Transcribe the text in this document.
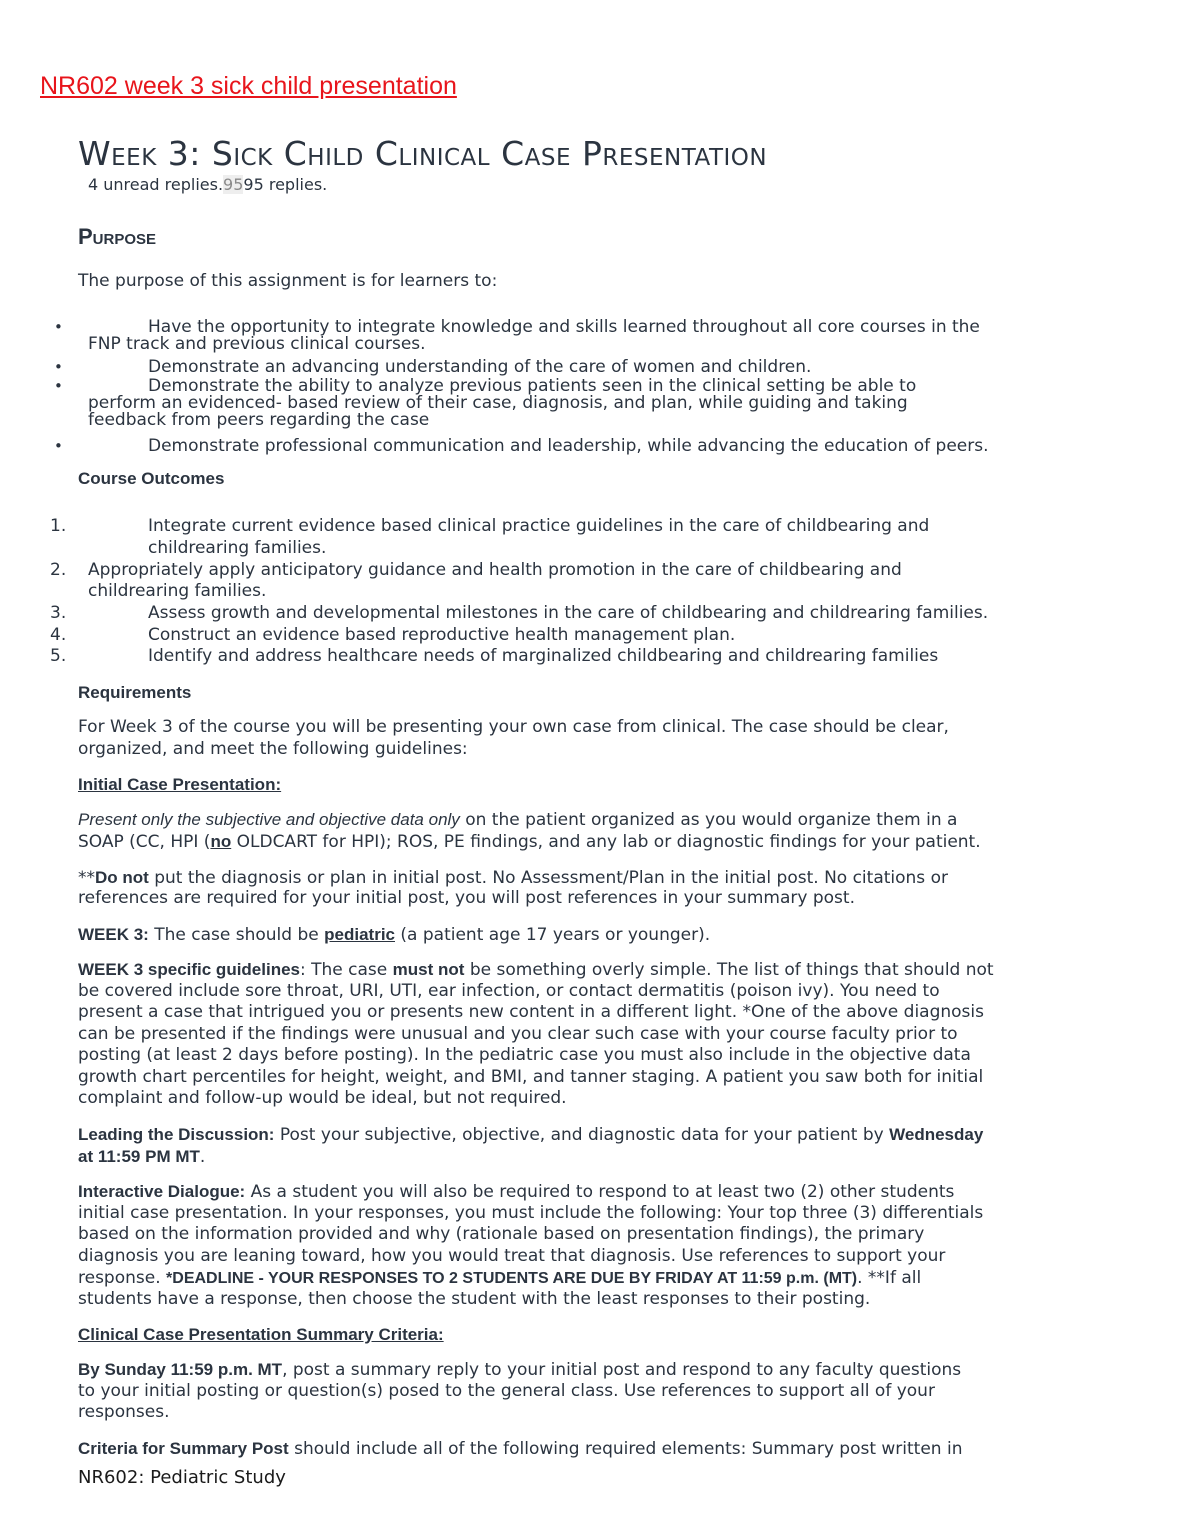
NR602 week 3 sick child presentation
Week 3: Sick Child Clinical Case Presentation
4 unread replies.9595 replies.
Purpose
The purpose of this assignment is for learners to:
•	Have the opportunity to integrate knowledge and skills learned throughout all core courses in the
FNP track and previous clinical courses.
•	Demonstrate an advancing understanding of the care of women and children.
•	Demonstrate the ability to analyze previous patients seen in the clinical setting be able to
perform an evidenced- based review of their case, diagnosis, and plan, while guiding and taking
feedback from peers regarding the case
•	Demonstrate professional communication and leadership, while advancing the education of peers.
Course Outcomes
1.	Integrate current evidence based clinical practice guidelines in the care of childbearing and
childrearing families.
2. Appropriately apply anticipatory guidance and health promotion in the care of childbearing and
childrearing families.
3.	Assess growth and developmental milestones in the care of childbearing and childrearing families.
4.	Construct an evidence based reproductive health management plan.
5.	Identify and address healthcare needs of marginalized childbearing and childrearing families
Requirements
For Week 3 of the course you will be presenting your own case from clinical. The case should be clear,
organized, and meet the following guidelines:
Initial Case Presentation:
Present only the subjective and objective data only on the patient organized as you would organize them in a
SOAP (CC, HPI (no OLDCART for HPI); ROS, PE findings, and any lab or diagnostic findings for your patient.
**Do not put the diagnosis or plan in initial post. No Assessment/Plan in the initial post. No citations or
references are required for your initial post, you will post references in your summary post.
WEEK 3: The case should be pediatric (a patient age 17 years or younger).
WEEK 3 specific guidelines: The case must not be something overly simple. The list of things that should not
be covered include sore throat, URI, UTI, ear infection, or contact dermatitis (poison ivy). You need to
present a case that intrigued you or presents new content in a different light. *One of the above diagnosis
can be presented if the findings were unusual and you clear such case with your course faculty prior to
posting (at least 2 days before posting). In the pediatric case you must also include in the objective data
growth chart percentiles for height, weight, and BMI, and tanner staging. A patient you saw both for initial
complaint and follow-up would be ideal, but not required.
Leading the Discussion: Post your subjective, objective, and diagnostic data for your patient by Wednesday
at 11:59 PM MT.
Interactive Dialogue: As a student you will also be required to respond to at least two (2) other students
initial case presentation. In your responses, you must include the following: Your top three (3) differentials
based on the information provided and why (rationale based on presentation findings), the primary
diagnosis you are leaning toward, how you would treat that diagnosis. Use references to support your
response. *DEADLINE - YOUR RESPONSES TO 2 STUDENTS ARE DUE BY FRIDAY AT 11:59 p.m. (MT). **If all
students have a response, then choose the student with the least responses to their posting.
Clinical Case Presentation Summary Criteria:
By Sunday 11:59 p.m. MT, post a summary reply to your initial post and respond to any faculty questions
to your initial posting or question(s) posed to the general class. Use references to support all of your
responses.
Criteria for Summary Post should include all of the following required elements: Summary post written in
NR602: Pediatric Study
